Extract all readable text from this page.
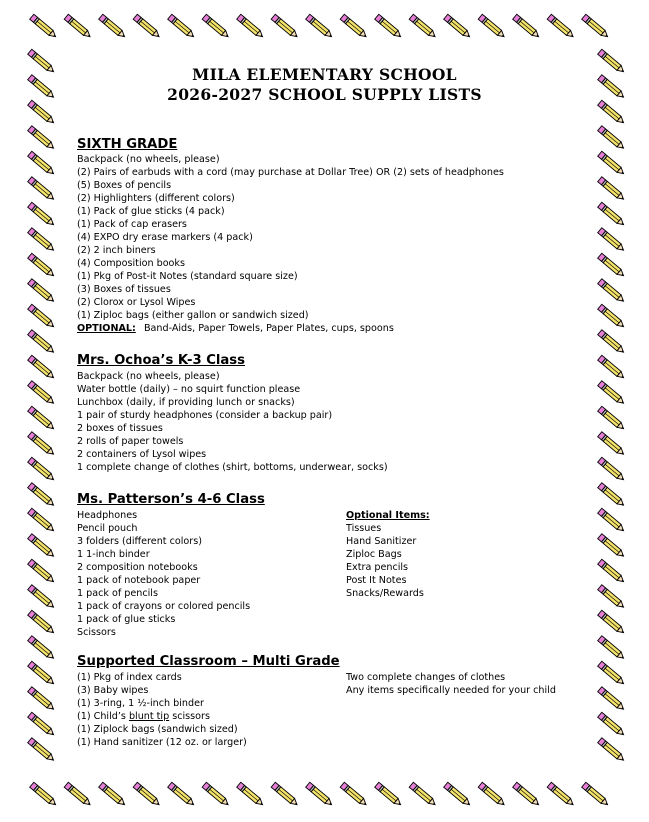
MILA ELEMENTARY SCHOOL
2026-2027 SCHOOL SUPPLY LISTS
SIXTH GRADE
Backpack (no wheels, please)
(2) Pairs of earbuds with a cord (may purchase at Dollar Tree) OR (2) sets of headphones
(5) Boxes of pencils
(2) Highlighters (different colors)
(1) Pack of glue sticks (4 pack)
(1) Pack of cap erasers
(4) EXPO dry erase markers (4 pack)
(2) 2 inch biners
(4) Composition books
(1) Pkg of Post-it Notes (standard square size)
(3) Boxes of tissues
(2) Clorox or Lysol Wipes
(1) Ziploc bags (either gallon or sandwich sized)
OPTIONAL: Band-Aids, Paper Towels, Paper Plates, cups, spoons
Mrs. Ochoa’s K-3 Class
Backpack (no wheels, please)
Water bottle (daily) – no squirt function please
Lunchbox (daily, if providing lunch or snacks)
1 pair of sturdy headphones (consider a backup pair)
2 boxes of tissues
2 rolls of paper towels
2 containers of Lysol wipes
1 complete change of clothes (shirt, bottoms, underwear, socks)
Ms. Patterson’s 4-6 Class
Headphones
Pencil pouch
3 folders (different colors)
1 1-inch binder
2 composition notebooks
1 pack of notebook paper
1 pack of pencils
1 pack of crayons or colored pencils
1 pack of glue sticks
Scissors
Optional Items:
Tissues
Hand Sanitizer
Ziploc Bags
Extra pencils
Post It Notes
Snacks/Rewards
Supported Classroom – Multi Grade
(1) Pkg of index cards
(3) Baby wipes
(1) 3-ring, 1 ½-inch binder
(1) Child’s blunt tip scissors
(1) Ziplock bags (sandwich sized)
(1) Hand sanitizer (12 oz. or larger)
Two complete changes of clothes
Any items specifically needed for your child
